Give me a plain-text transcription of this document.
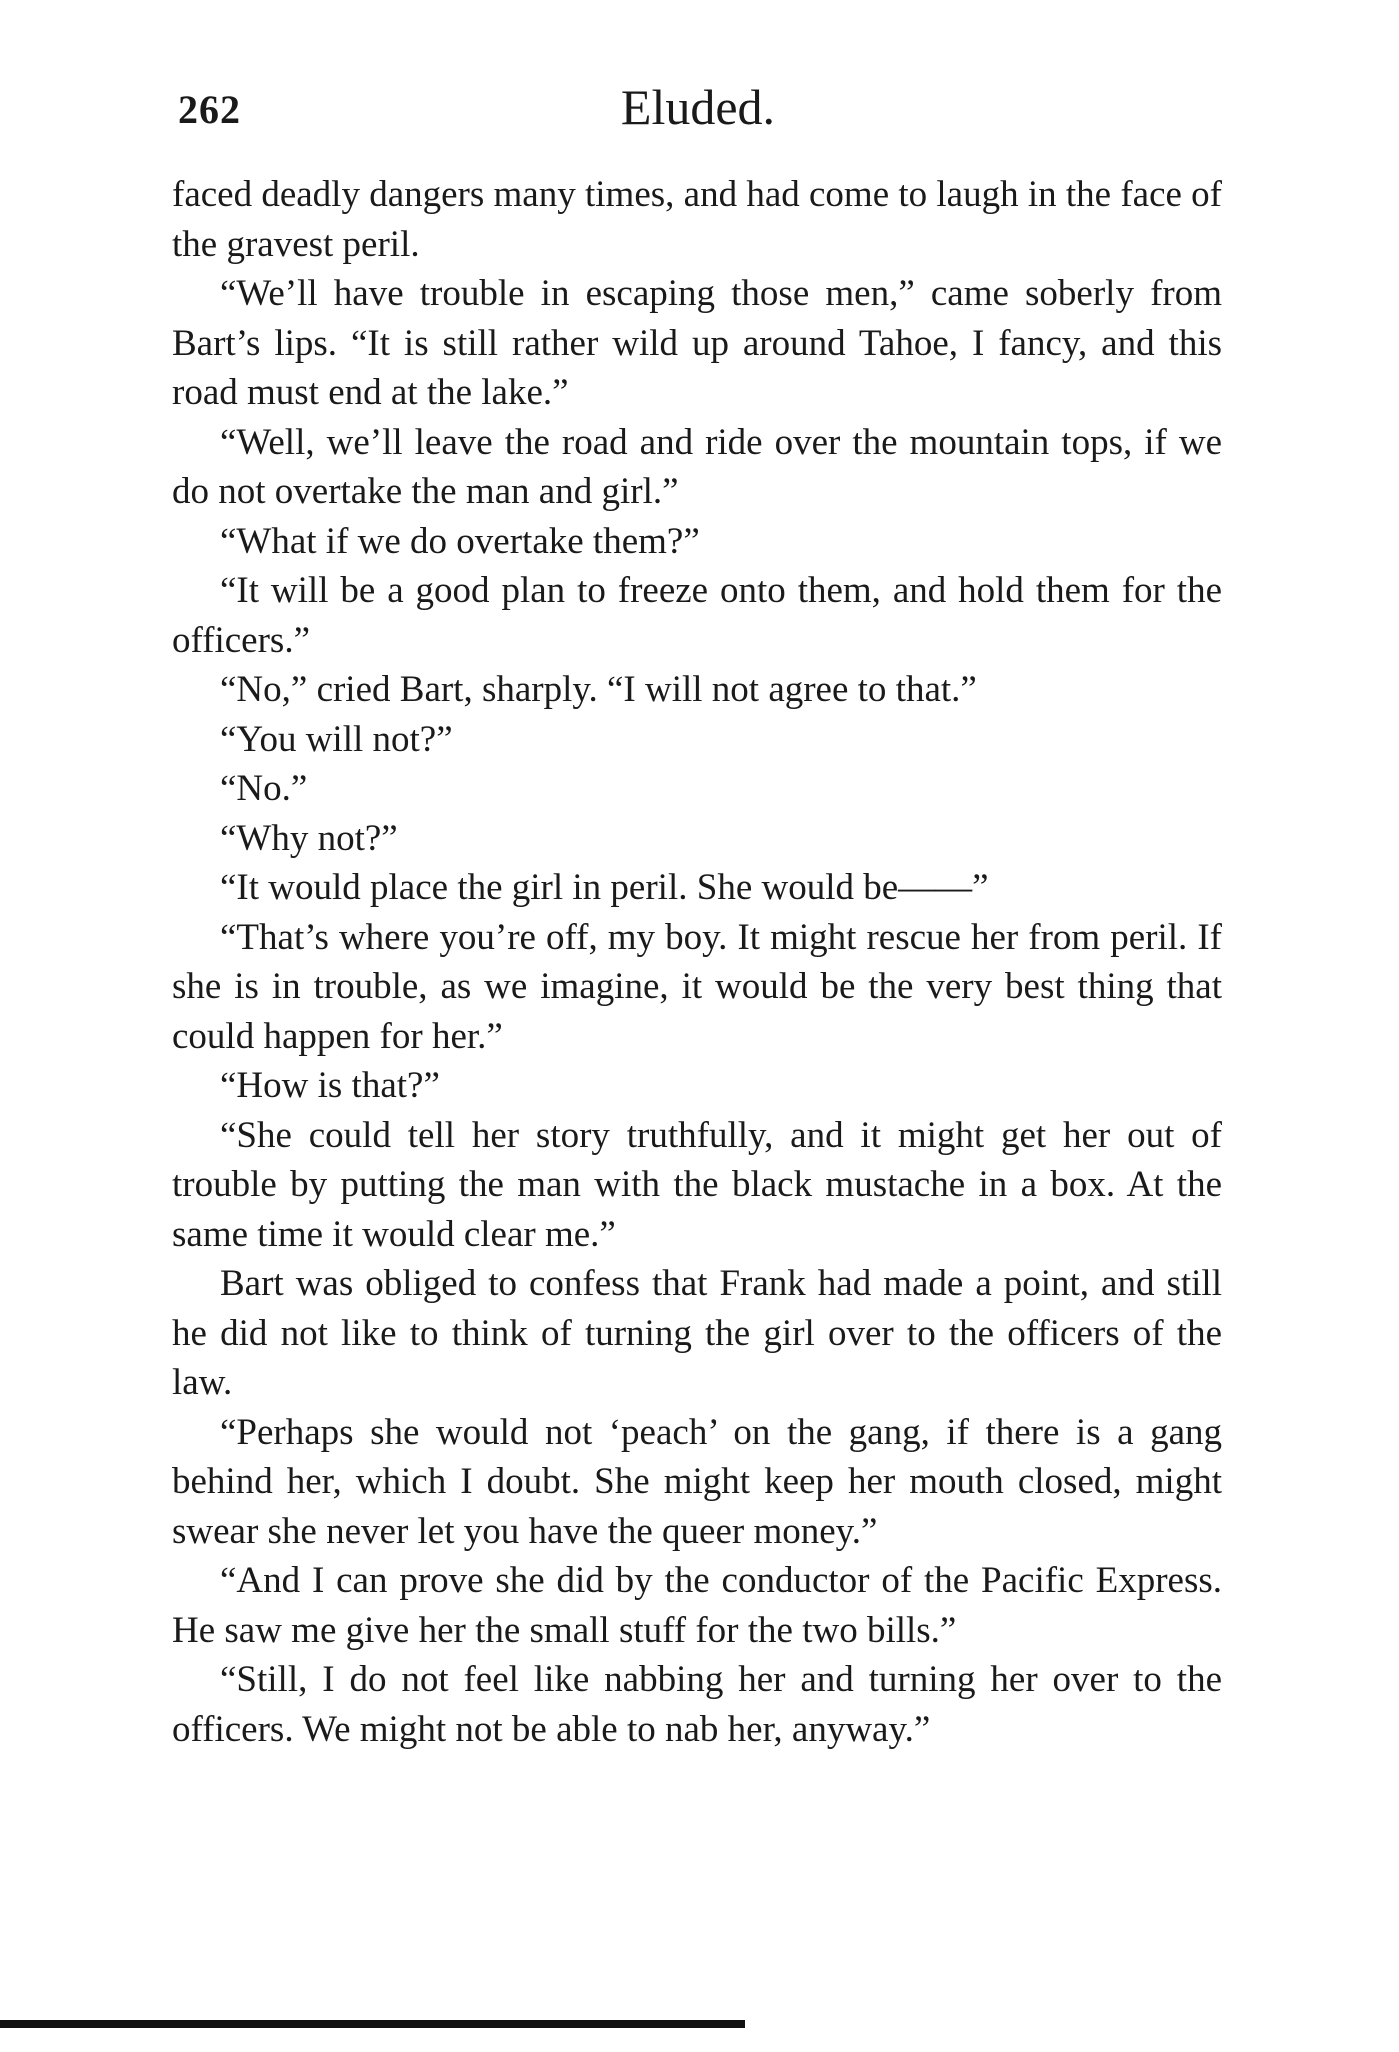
262	Eluded.

faced deadly dangers many times, and had come to laugh in the face of the gravest peril.

“We’ll have trouble in escaping those men,” came soberly from Bart’s lips. “It is still rather wild up around Tahoe, I fancy, and this road must end at the lake.”

“Well, we’ll leave the road and ride over the mountain tops, if we do not overtake the man and girl.”

“What if we do overtake them?”

“It will be a good plan to freeze onto them, and hold them for the officers.”

“No,” cried Bart, sharply. “I will not agree to that.”

“You will not?”

“No.”

“Why not?”

“It would place the girl in peril. She would be——”

“That’s where you’re off, my boy. It might rescue her from peril. If she is in trouble, as we imagine, it would be the very best thing that could happen for her.”

“How is that?”

“She could tell her story truthfully, and it might get her out of trouble by putting the man with the black mustache in a box. At the same time it would clear me.”

Bart was obliged to confess that Frank had made a point, and still he did not like to think of turning the girl over to the officers of the law.

“Perhaps she would not ‘peach’ on the gang, if there is a gang behind her, which I doubt. She might keep her mouth closed, might swear she never let you have the queer money.”

“And I can prove she did by the conductor of the Pacific Express. He saw me give her the small stuff for the two bills.”

“Still, I do not feel like nabbing her and turning her over to the officers. We might not be able to nab her, anyway.”
